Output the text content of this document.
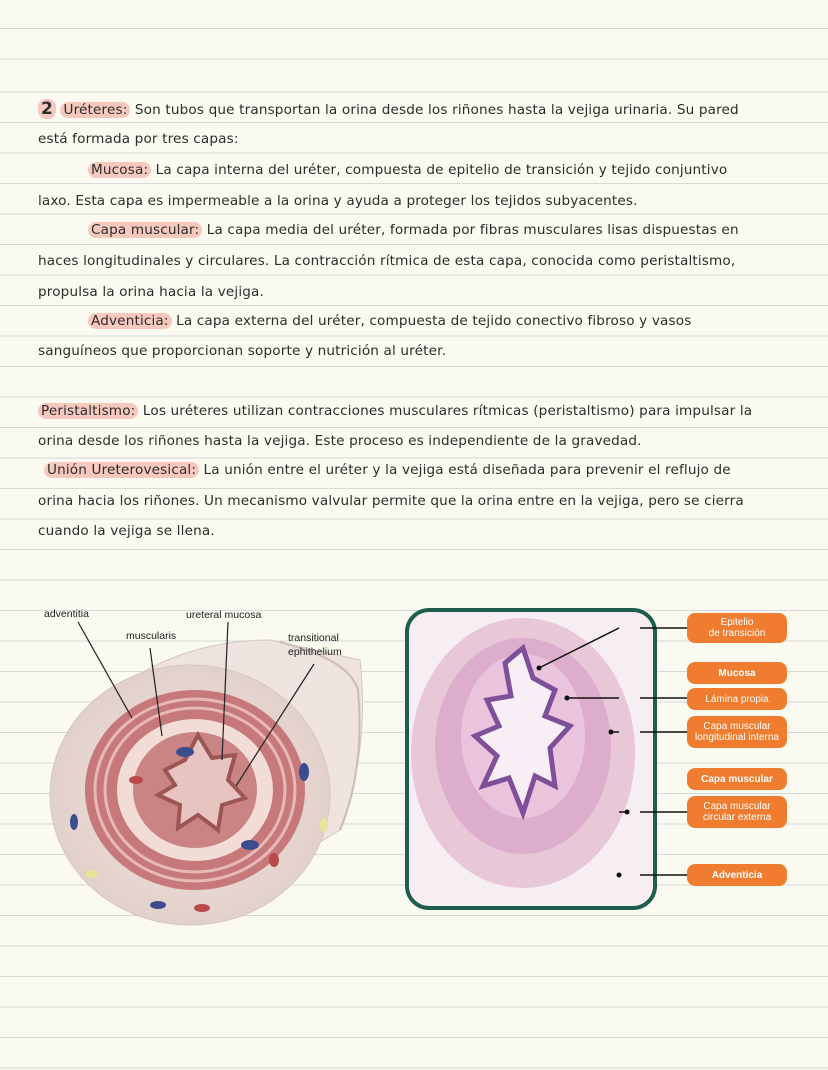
2 Uréteres: Son tubos que transportan la orina desde los riñones hasta la vejiga urinaria. Su pared
está formada por tres capas:
Mucosa: La capa interna del uréter, compuesta de epitelio de transición y tejido conjuntivo
laxo. Esta capa es impermeable a la orina y ayuda a proteger los tejidos subyacentes.
Capa muscular: La capa media del uréter, formada por fibras musculares lisas dispuestas en
haces longitudinales y circulares. La contracción rítmica de esta capa, conocida como peristaltismo,
propulsa la orina hacia la vejiga.
Adventicia: La capa externa del uréter, compuesta de tejido conectivo fibroso y vasos
sanguíneos que proporcionan soporte y nutrición al uréter.
Peristaltismo: Los uréteres utilizan contracciones musculares rítmicas (peristaltismo) para impulsar la
orina desde los riñones hasta la vejiga. Este proceso es independiente de la gravedad.
Unión Ureterovesical: La unión entre el uréter y la vejiga está diseñada para prevenir el reflujo de
orina hacia los riñones. Un mecanismo valvular permite que la orina entre en la vejiga, pero se cierra
cuando la vejiga se llena.
adventitia	ureteral mucosa
muscularis	transitional
ephithelium
Epitelio
de transición
Mucosa
Lámina propia
Capa muscular
longitudinal interna
Capa muscular
Capa muscular
circular externa
Adventicia
